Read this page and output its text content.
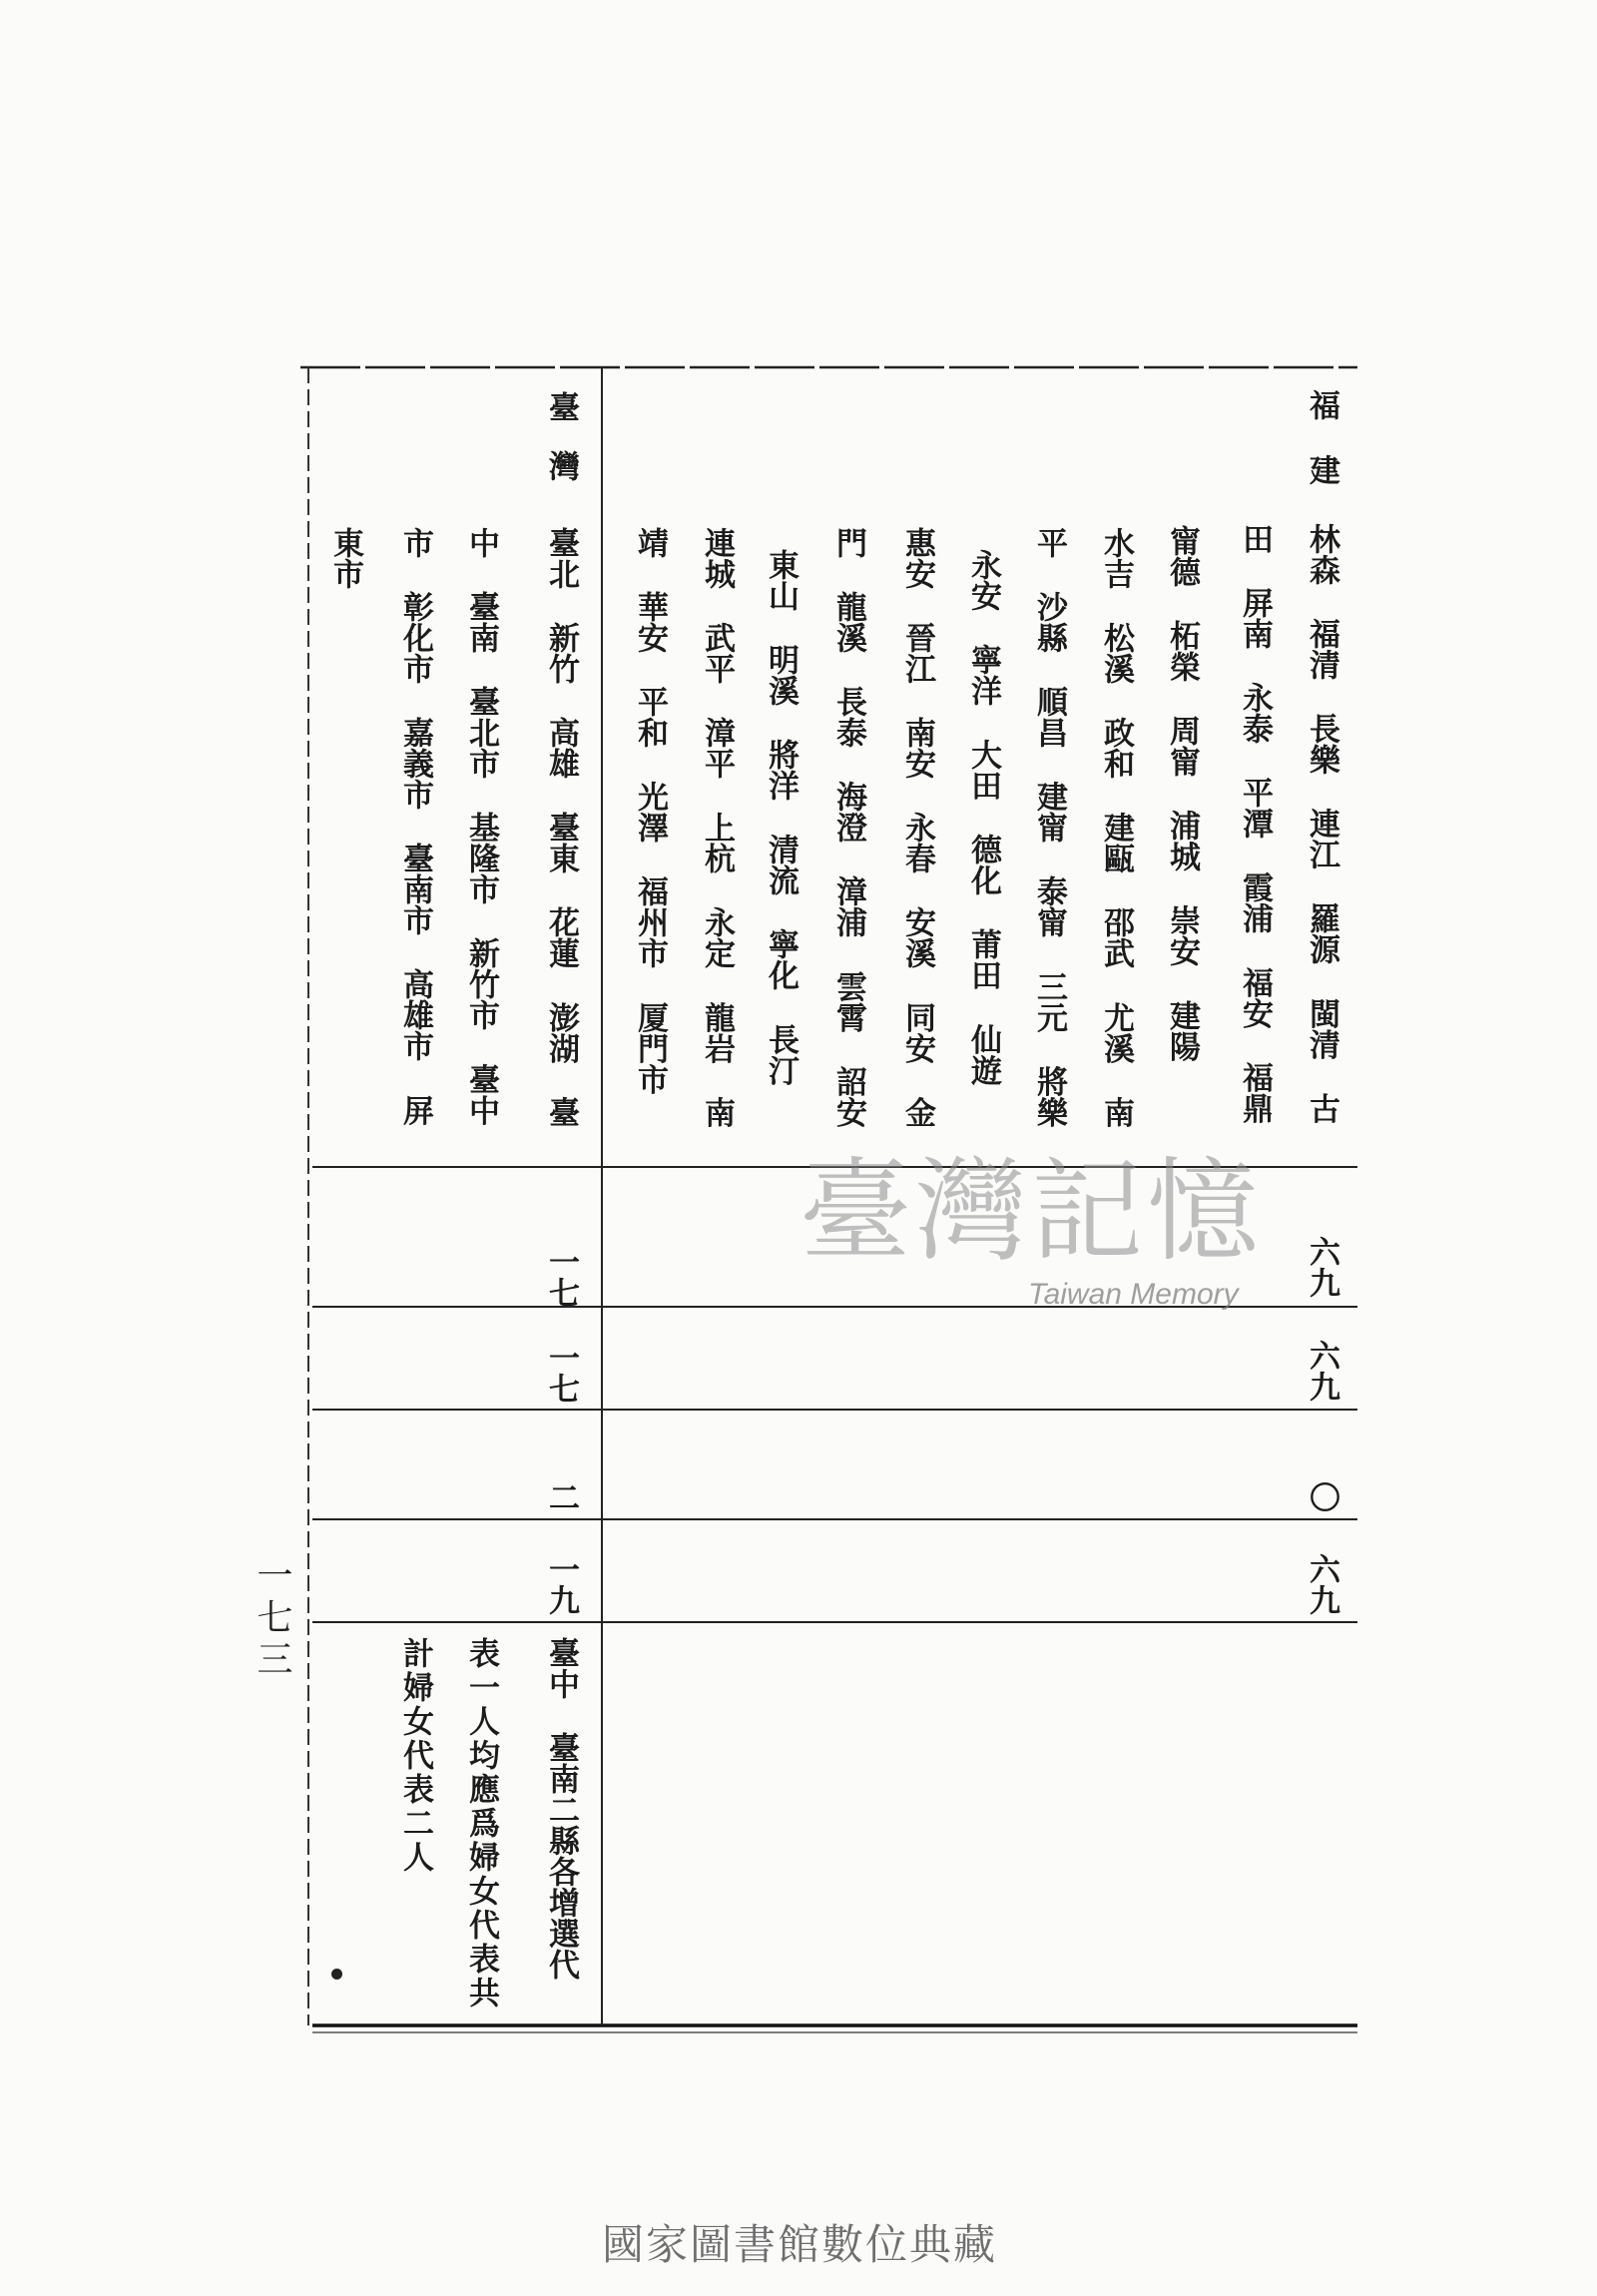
福建
林森 福清 長樂 連江 羅源 閩清 古
田 屏南 永泰 平潭 霞浦 福安 福鼎
甯德 柘榮 周甯 浦城 崇安 建陽
水吉 松溪 政和 建甌 邵武 尤溪 南
平 沙縣 順昌 建甯 泰甯 三元 將樂
永安 寧洋 大田 德化 莆田 仙遊
惠安 晉江 南安 永春 安溪 同安 金
門 龍溪 長泰 海澄 漳浦 雲霄 詔安
東山 明溪 將洋 清流 寧化 長汀
連城 武平 漳平 上杭 永定 龍岩 南
靖 華安 平和 光澤 福州市 厦門市
六九
六九
〇
六九
臺灣
臺北 新竹 高雄 臺東 花蓮 澎湖 臺
中 臺南 臺北市 基隆市 新竹市 臺中
市 彰化市 嘉義市 臺南市 高雄市 屏
東市
一七
一七
二
一九
臺中 臺南二縣各增選代
表一人均應爲婦女代表共
計婦女代表二人
一七三
臺灣記憶
Taiwan Memory
國家圖書館數位典藏
